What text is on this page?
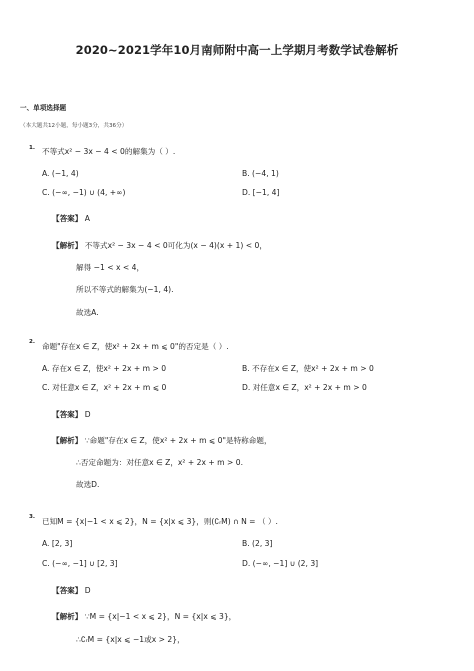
2020~2021学年10月南师附中高一上学期月考数学试卷解析
一、单项选择题
（本大题共12小题，每小题3分，共36分）
1. 不等式x² − 3x − 4 < 0的解集为（ ）.
A. (−1, 4)	B. (−4, 1)
C. (−∞, −1) ∪ (4, +∞)	D. [−1, 4]
【答案】 A
【解析】 不等式x² − 3x − 4 < 0可化为(x − 4)(x + 1) < 0，
解得 −1 < x < 4，
所以不等式的解集为(−1, 4).
故选A.
2. 命题"存在x ∈ Z，使x² + 2x + m ⩽ 0"的否定是（ ）.
A. 存在x ∈ Z，使x² + 2x + m > 0	B. 不存在x ∈ Z，使x² + 2x + m > 0
C. 对任意x ∈ Z，x² + 2x + m ⩽ 0	D. 对任意x ∈ Z，x² + 2x + m > 0
【答案】 D
【解析】 ∵命题"存在x ∈ Z，使x² + 2x + m ⩽ 0"是特称命题，
∴否定命题为：对任意x ∈ Z，x² + 2x + m > 0.
故选D.
3. 已知M = {x|−1 < x ⩽ 2}，N = {x|x ⩽ 3}，则(∁ᵣM) ∩ N = （ ）.
A. [2, 3]	B. (2, 3]
C. (−∞, −1] ∪ [2, 3]	D. (−∞, −1] ∪ (2, 3]
【答案】 D
【解析】 ∵M = {x|−1 < x ⩽ 2}，N = {x|x ⩽ 3}，
∴∁ᵣM = {x|x ⩽ −1或x > 2}，
